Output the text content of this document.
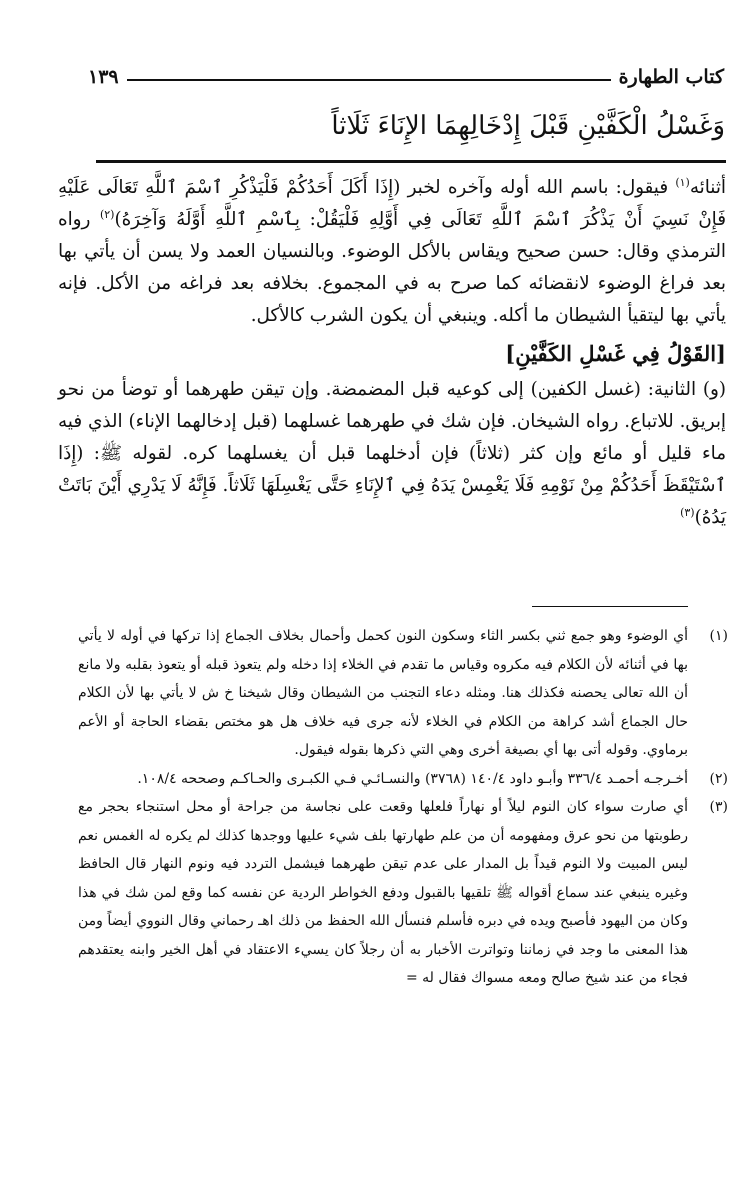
كتاب الطهارة
١٣٩
وَغَسْلُ الْكَفَّيْنِ قَبْلَ إِدْخَالِهِمَا الإِنَاءَ ثَلَاثاً

أثنائه$^{(١)}$ فيقول: باسم الله أوله وآخره لخبر (إِذَا أَكَلَ أَحَدُكُمْ فَلْيَذْكُرِ ٱسْمَ ٱللَّهِ تَعَالَى عَلَيْهِ فَإِنْ نَسِيَ أَنْ يَذْكُرَ ٱسْمَ ٱللَّهِ تَعَالَى فِي أَوَّلِهِ فَلْيَقُلْ: بِٱسْمِ ٱللَّهِ أَوَّلَهُ وَآخِرَهُ)$^{(٢)}$ رواه الترمذي وقال: حسن صحيح ويقاس بالأكل الوضوء. وبالنسيان العمد ولا يسن أن يأتي بها بعد فراغ الوضوء لانقضائه كما صرح به في المجموع. بخلافه بعد فراغه من الأكل. فإنه يأتي بها ليتقيأ الشيطان ما أكله. وينبغي أن يكون الشرب كالأكل.

[القَوْلُ فِي غَسْلِ الكَفَّيْنِ]

(و) الثانية: (غسل الكفين) إلى كوعيه قبل المضمضة. وإن تيقن طهرهما أو توضأ من نحو إبريق. للاتباع. رواه الشيخان. فإن شك في طهرهما غسلهما (قبل إدخالهما الإناء) الذي فيه ماء قليل أو مائع وإن كثر (ثلاثاً) فإن أدخلهما قبل أن يغسلهما كره. لقوله ﷺ: (إِذَا ٱسْتَيْقَظَ أَحَدُكُمْ مِنْ نَوْمِهِ فَلَا يَغْمِسْ يَدَهُ فِي ٱلإِنَاءِ حَتَّى يَغْسِلَهَا ثَلَاثاً. فَإِنَّهُ لَا يَدْرِي أَيْنَ بَاتَتْ يَدُهُ)$^{(٣)}$

(١)
أي الوضوء وهو جمع ثني بكسر الثاء وسكون النون كحمل وأحمال بخلاف الجماع إذا تركها في أوله لا يأتي بها في أثنائه لأن الكلام فيه مكروه وقياس ما تقدم في الخلاء إذا دخله ولم يتعوذ قبله أو يتعوذ بقلبه ولا مانع أن الله تعالى يحصنه فكذلك هنا. ومثله دعاء التجنب من الشيطان وقال شيخنا خ ش لا يأتي بها لأن الكلام حال الجماع أشد كراهة من الكلام في الخلاء لأنه جرى فيه خلاف هل هو مختص بقضاء الحاجة أو الأعم برماوي. وقوله أتى بها أي بصيغة أخرى وهي التي ذكرها بقوله فيقول.
(٢)
أخـرجـه أحمـد ٣٣٦/٤ وأبـو داود ١٤٠/٤ (٣٧٦٨) والنسـائـي فـي الكبـرى والحـاكـم وصححه ١٠٨/٤.
(٣)
أي صارت سواء كان النوم ليلاً أو نهاراً فلعلها وقعت على نجاسة من جراحة أو محل استنجاء بحجر مع رطوبتها من نحو عرق ومفهومه أن من علم طهارتها بلف شيء عليها ووجدها كذلك لم يكره له الغمس نعم ليس المبيت ولا النوم قيداً بل المدار على عدم تيقن طهرهما فيشمل التردد فيه ونوم النهار قال الحافظ وغيره ينبغي عند سماع أقواله ﷺ تلقيها بالقبول ودفع الخواطر الردية عن نفسه كما وقع لمن شك في هذا وكان من اليهود فأصبح ويده في دبره فأسلم فنسأل الله الحفظ من ذلك اهـ رحماني وقال النووي أيضاً ومن هذا المعنى ما وجد في زماننا وتواترت الأخبار به أن رجلاً كان يسيء الاعتقاد في أهل الخير وابنه يعتقدهم فجاء من عند شيخ صالح ومعه مسواك فقال له =
